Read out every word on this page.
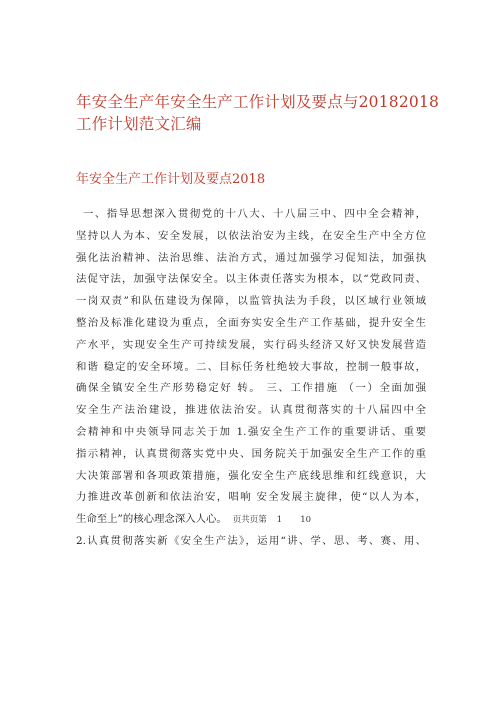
年安全生产年安全生产工作计划及要点与20182018
工作计划范文汇编
年安全生产工作计划及要点2018
一、指导思想深入贯彻党的十八大、十八届三中、四中全会精神，
坚持以人为本、安全发展，以依法治安为主线，在安全生产中全方位
强化法治精神、法治思维、法治方式，通过加强学习促知法，加强执
法促守法，加强守法保安全。以主体责任落实为根本，以“党政同责、
一岗双责”和队伍建设为保障，以监管执法为手段，以区域行业领域
整治及标准化建设为重点，全面夯实安全生产工作基础，提升安全生
产水平，实现安全生产可持续发展，实行码头经济又好又快发展营造
和谐 稳定的安全环境。二、目标任务杜绝较大事故，控制一般事故，
确保全镇安全生产形势稳定好 转。 三、工作措施 （一）全面加强
安全生产法治建设，推进依法治安。认真贯彻落实的十八届四中全
会精神和中央领导同志关于加 1.强安全生产工作的重要讲话、重要
指示精神，认真贯彻落实党中央、国务院关于加强安全生产工作的重
大决策部署和各项政策措施，强化安全生产底线思维和红线意识，大
力推进改革创新和依法治安，唱响 安全发展主旋律，使“以人为本，
生命至上”的核心理念深入人心。 页共页第 1 10
2.认真贯彻落实新《安全生产法》，运用“讲、学、思、考、赛、用、
